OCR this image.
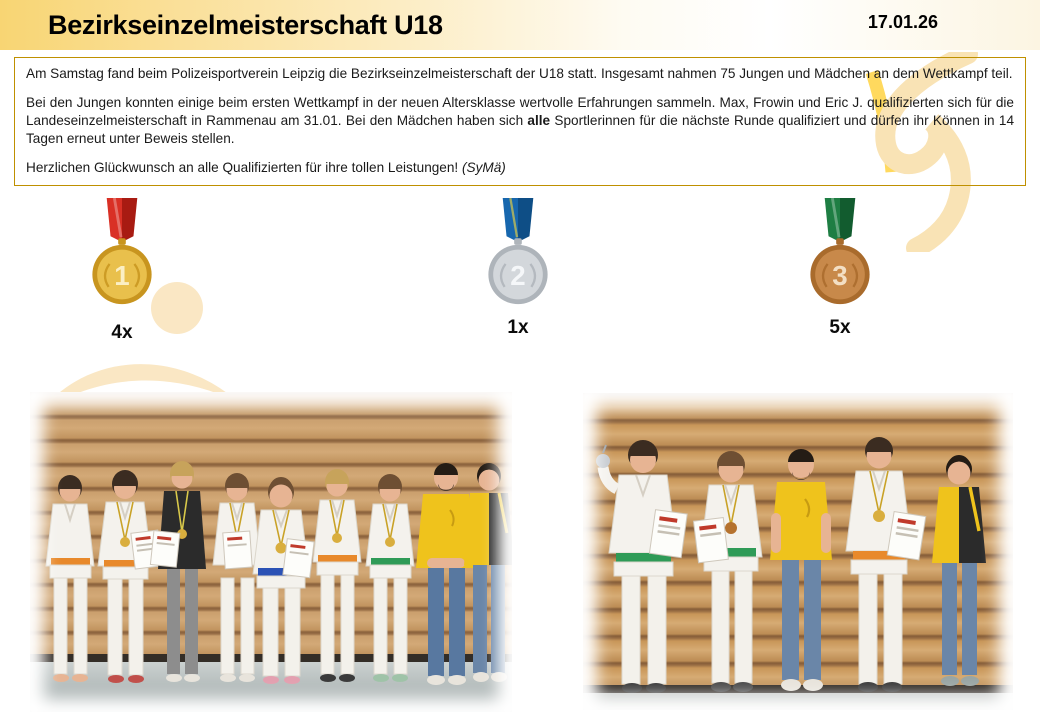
Bezirkseinzelmeisterschaft U18	17.01.26

Am Samstag fand beim Polizeisportverein Leipzig die Bezirkseinzelmeisterschaft der U18 statt. Insgesamt nahmen 75 Jungen und Mädchen an dem Wettkampf teil.

Bei den Jungen konnten einige beim ersten Wettkampf in der neuen Altersklasse wertvolle Erfahrungen sammeln. Max, Frowin und Eric J. qualifizierten sich für die Landeseinzelmeisterschaft in Rammenau am 31.01. Bei den Mädchen haben sich alle Sportlerinnen für die nächste Runde qualifiziert und dürfen ihr Können in 14 Tagen erneut unter Beweis stellen.

Herzlichen Glückwunsch an alle Qualifizierten für ihre tollen Leistungen! (SyMä)

1
4x
2
1x
3
5x
